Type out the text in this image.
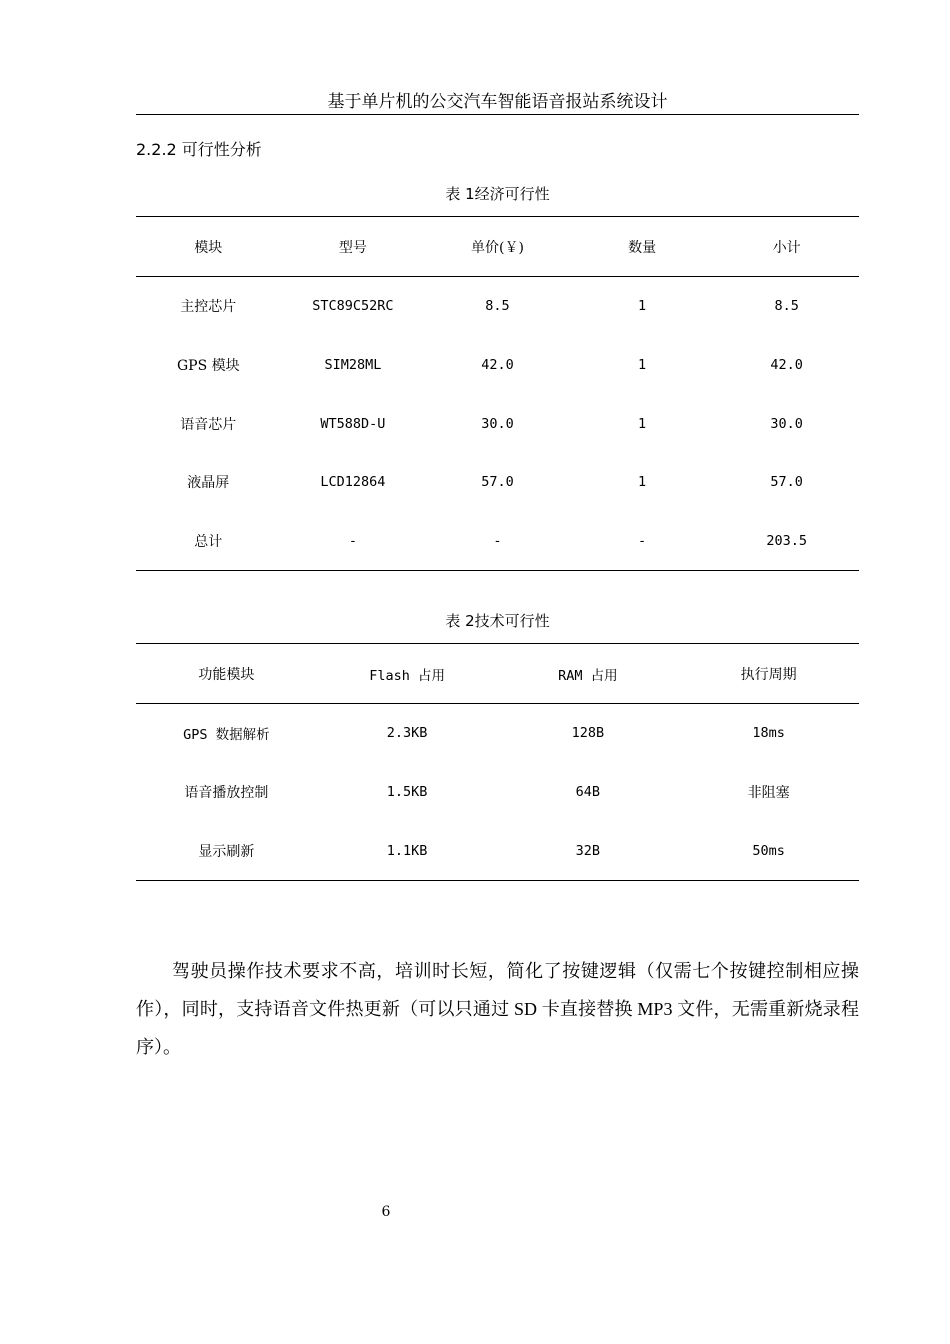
基于单片机的公交汽车智能语音报站系统设计
2.2.2 可行性分析
表 1经济可行性
模块	型号	单价(￥)	数量	小计
主控芯片	STC89C52RC	8.5	1	8.5
GPS 模块	SIM28ML	42.0	1	42.0
语音芯片	WT588D-U	30.0	1	30.0
液晶屏	LCD12864	57.0	1	57.0
总计	-	-	-	203.5
表 2技术可行性
功能模块	Flash 占用	RAM 占用	执行周期
GPS 数据解析	2.3KB	128B	18ms
语音播放控制	1.5KB	64B	非阻塞
显示刷新	1.1KB	32B	50ms

驾驶员操作技术要求不高，培训时长短，简化了按键逻辑（仅需七个按键控制相应操作），同时，支持语音文件热更新（可以只通过 SD 卡直接替换 MP3 文件，无需重新烧录程序）。

6
